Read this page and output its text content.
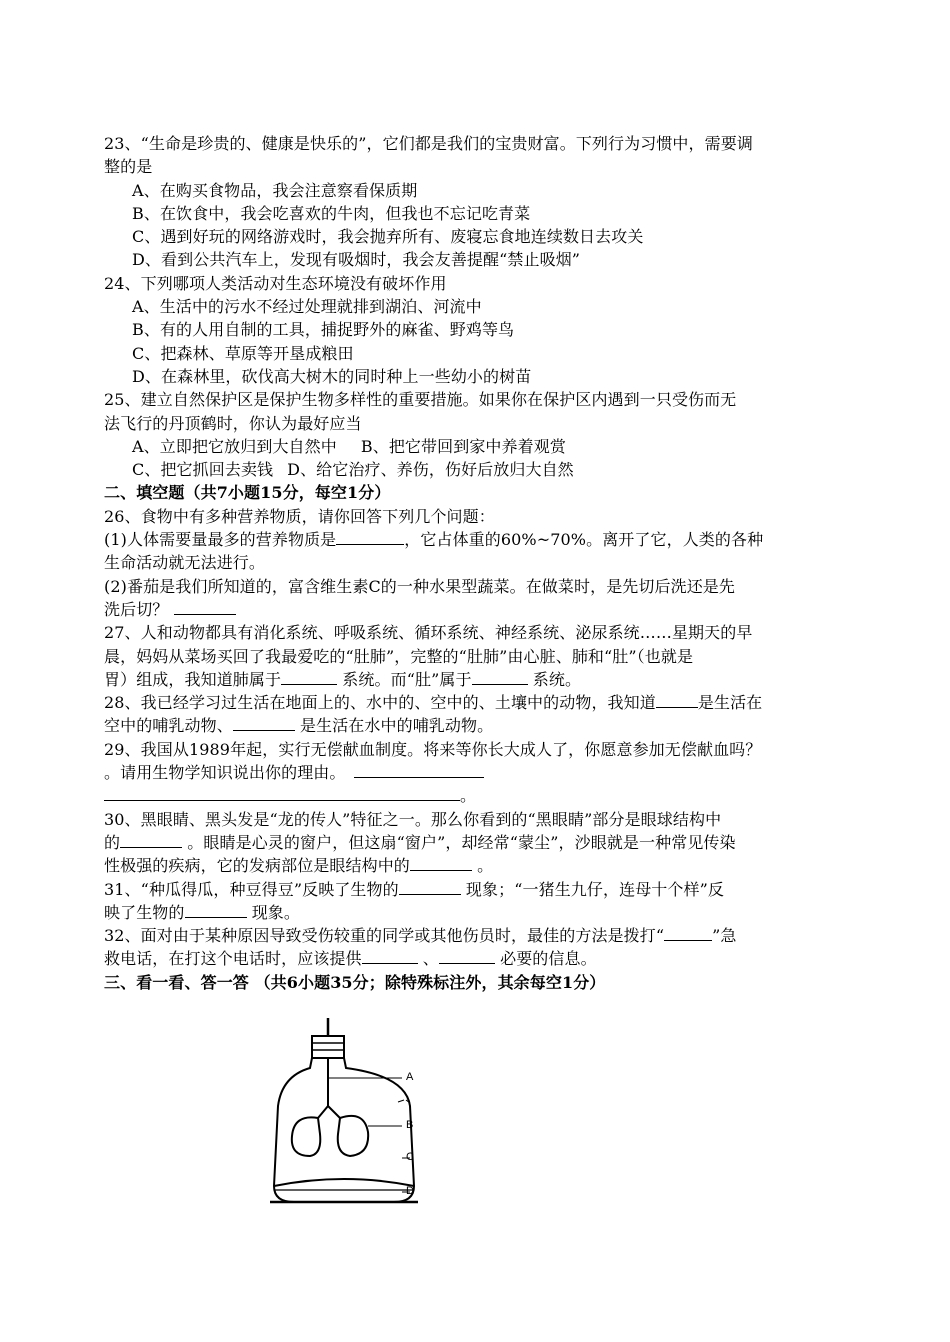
23、“生命是珍贵的、健康是快乐的”，它们都是我们的宝贵财富。下列行为习惯中，需要调
整的是
A、在购买食物品，我会注意察看保质期
B、在饮食中，我会吃喜欢的牛肉，但我也不忘记吃青菜
C、遇到好玩的网络游戏时，我会抛弃所有、废寝忘食地连续数日去攻关
D、看到公共汽车上，发现有吸烟时，我会友善提醒“禁止吸烟”
24、下列哪项人类活动对生态环境没有破坏作用
A、生活中的污水不经过处理就排到湖泊、河流中
B、有的人用自制的工具，捕捉野外的麻雀、野鸡等鸟
C、把森林、草原等开垦成粮田
D、在森林里，砍伐高大树木的同时种上一些幼小的树苗
25、建立自然保护区是保护生物多样性的重要措施。如果你在保护区内遇到一只受伤而无
法飞行的丹顶鹤时，你认为最好应当
A、立即把它放归到大自然中 B、把它带回到家中养着观赏
C、把它抓回去卖钱 D、给它治疗、养伤，伤好后放归大自然
二、填空题（共7小题15分，每空1分）
26、食物中有多种营养物质，请你回答下列几个问题：
(1)人体需要量最多的营养物质是	，它占体重的60%~70%。离开了它，人类的各种
生命活动就无法进行。
(2)番茄是我们所知道的，富含维生素C的一种水果型蔬菜。在做菜时，是先切后洗还是先
洗后切？
27、人和动物都具有消化系统、呼吸系统、循环系统、神经系统、泌尿系统……星期天的早
晨，妈妈从菜场买回了我最爱吃的“肚肺”，完整的“肚肺”由心脏、肺和“肚”（也就是
胃）组成，我知道肺属于	系统。而“肚”属于	系统。
28、我已经学习过生活在地面上的、水中的、空中的、土壤中的动物，我知道	是生活在
空中的哺乳动物、	是生活在水中的哺乳动物。
29、我国从1989年起，实行无偿献血制度。将来等你长大成人了，你愿意参加无偿献血吗？
。请用生物学知识说出你的理由。
。
30、黑眼睛、黑头发是“龙的传人”特征之一。那么你看到的“黑眼睛”部分是眼球结构中
的	。眼睛是心灵的窗户，但这扇“窗户”，却经常“蒙尘”，沙眼就是一种常见传染
性极强的疾病，它的发病部位是眼结构中的	。
31、“种瓜得瓜，种豆得豆”反映了生物的	现象；“一猪生九仔，连母十个样”反
映了生物的	现象。
32、面对由于某种原因导致受伤较重的同学或其他伤员时，最佳的方法是拨打“	”急
救电话，在打这个电话时，应该提供	、	必要的信息。
三、看一看、答一答 （共6小题35分；除特殊标注外，其余每空1分）
A
B
C
D
